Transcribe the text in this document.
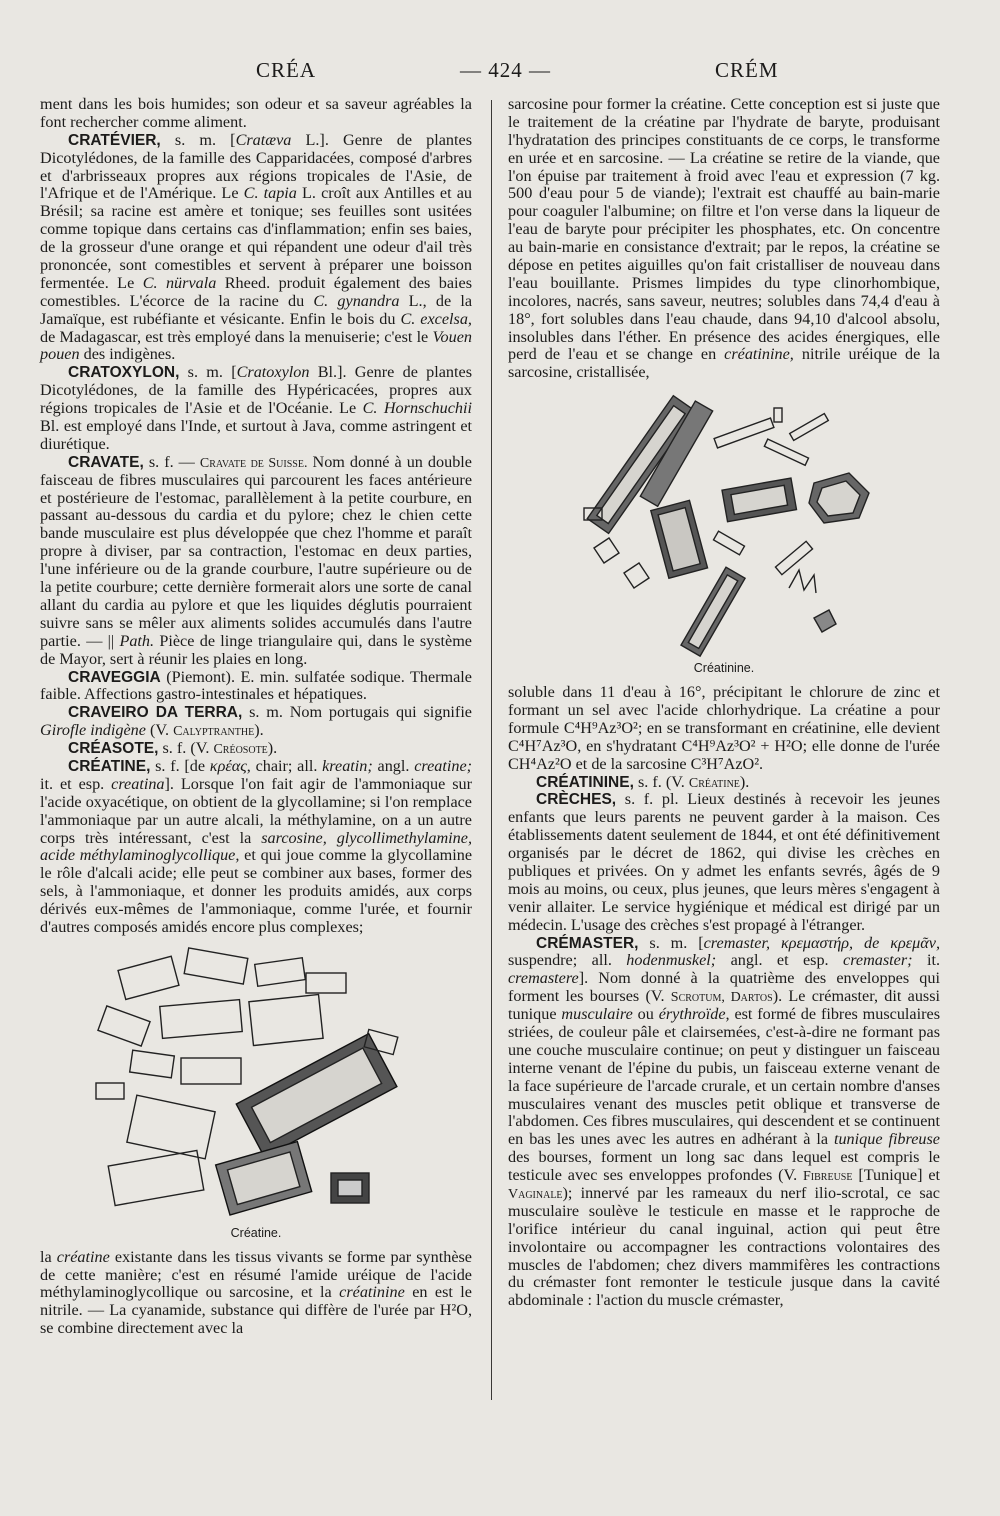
CRÉA	— 424 —	CRÉM

ment dans les bois humides; son odeur et sa saveur agréables la font rechercher comme aliment.

CRATÉVIER, s. m. [Cratæva L.]. Genre de plantes Dicotylédones, de la famille des Capparidacées, composé d'arbres et d'arbrisseaux propres aux régions tropicales de l'Asie, de l'Afrique et de l'Amérique. Le C. tapia L. croît aux Antilles et au Brésil; sa racine est amère et tonique; ses feuilles sont usitées comme topique dans certains cas d'inflammation; enfin ses baies, de la grosseur d'une orange et qui répandent une odeur d'ail très prononcée, sont comestibles et servent à préparer une boisson fermentée. Le C. nürvala Rheed. produit également des baies comestibles. L'écorce de la racine du C. gynandra L., de la Jamaïque, est rubéfiante et vésicante. Enfin le bois du C. excelsa, de Madagascar, est très employé dans la menuiserie; c'est le Vouen pouen des indigènes.

CRATOXYLON, s. m. [Cratoxylon Bl.]. Genre de plantes Dicotylédones, de la famille des Hypéricacées, propres aux régions tropicales de l'Asie et de l'Océanie. Le C. Hornschuchii Bl. est employé dans l'Inde, et surtout à Java, comme astringent et diurétique.

CRAVATE, s. f. — Cravate de Suisse. Nom donné à un double faisceau de fibres musculaires qui parcourent les faces antérieure et postérieure de l'estomac, parallèlement à la petite courbure, en passant au-dessous du cardia et du pylore; chez le chien cette bande musculaire est plus développée que chez l'homme et paraît propre à diviser, par sa contraction, l'estomac en deux parties, l'une inférieure ou de la grande courbure, l'autre supérieure ou de la petite courbure; cette dernière formerait alors une sorte de canal allant du cardia au pylore et que les liquides déglutis pourraient suivre sans se mêler aux aliments solides accumulés dans l'autre partie. — || Path. Pièce de linge triangulaire qui, dans le système de Mayor, sert à réunir les plaies en long.

CRAVEGGIA (Piemont). E. min. sulfatée sodique. Thermale faible. Affections gastro-intestinales et hépatiques.

CRAVEIRO DA TERRA, s. m. Nom portugais qui signifie Girofle indigène (V. Calyptranthe).

CRÉASOTE, s. f. (V. Créosote).

CRÉATINE, s. f. [de κρέας, chair; all. kreatin; angl. creatine; it. et esp. creatina]. Lorsque l'on fait agir de l'ammoniaque sur l'acide oxyacétique, on obtient de la glycollamine; si l'on remplace l'ammoniaque par un autre alcali, la méthylamine, on a un autre corps très intéressant, c'est la sarcosine, glycollimethylamine, acide méthylaminoglycollique, et qui joue comme la glycollamine le rôle d'alcali acide; elle peut se combiner aux bases, former des sels, à l'ammoniaque, et donner les produits amidés, aux corps dérivés eux-mêmes de l'ammoniaque, comme l'urée, et fournir d'autres composés amidés encore plus complexes;

Créatine.

la créatine existante dans les tissus vivants se forme par synthèse de cette manière; c'est en résumé l'amide uréique de l'acide méthylaminoglycollique ou sarcosine, et la créatinine en est le nitrile. — La cyanamide, substance qui diffère de l'urée par H²O, se combine directement avec la

sarcosine pour former la créatine. Cette conception est si juste que le traitement de la créatine par l'hydrate de baryte, produisant l'hydratation des principes constituants de ce corps, le transforme en urée et en sarcosine. — La créatine se retire de la viande, que l'on épuise par traitement à froid avec l'eau et expression (7 kg. 500 d'eau pour 5 de viande); l'extrait est chauffé au bain-marie pour coaguler l'albumine; on filtre et l'on verse dans la liqueur de l'eau de baryte pour précipiter les phosphates, etc. On concentre au bain-marie en consistance d'extrait; par le repos, la créatine se dépose en petites aiguilles qu'on fait cristalliser de nouveau dans l'eau bouillante. Prismes limpides du type clinorhombique, incolores, nacrés, sans saveur, neutres; solubles dans 74,4 d'eau à 18°, fort solubles dans l'eau chaude, dans 94,10 d'alcool absolu, insolubles dans l'éther. En présence des acides énergiques, elle perd de l'eau et se change en créatinine, nitrile uréique de la sarcosine, cristallisée,

Créatinine.

soluble dans 11 d'eau à 16°, précipitant le chlorure de zinc et formant un sel avec l'acide chlorhydrique. La créatine a pour formule C⁴H⁹Az³O²; en se transformant en créatinine, elle devient C⁴H⁷Az³O, en s'hydratant C⁴H⁹Az³O² + H²O; elle donne de l'urée CH⁴Az²O et de la sarcosine C³H⁷AzO².

CRÉATININE, s. f. (V. Créatine).

CRÈCHES, s. f. pl. Lieux destinés à recevoir les jeunes enfants que leurs parents ne peuvent garder à la maison. Ces établissements datent seulement de 1844, et ont été définitivement organisés par le décret de 1862, qui divise les crèches en publiques et privées. On y admet les enfants sevrés, âgés de 9 mois au moins, ou ceux, plus jeunes, que leurs mères s'engagent à venir allaiter. Le service hygiénique et médical est dirigé par un médecin. L'usage des crèches s'est propagé à l'étranger.

CRÉMASTER, s. m. [cremaster, κρεμαστήρ, de κρεμᾶν, suspendre; all. hodenmuskel; angl. et esp. cremaster; it. cremastere]. Nom donné à la quatrième des enveloppes qui forment les bourses (V. Scrotum, Dartos). Le crémaster, dit aussi tunique musculaire ou érythroïde, est formé de fibres musculaires striées, de couleur pâle et clairsemées, c'est-à-dire ne formant pas une couche musculaire continue; on peut y distinguer un faisceau interne venant de l'épine du pubis, un faisceau externe venant de la face supérieure de l'arcade crurale, et un certain nombre d'anses musculaires venant des muscles petit oblique et transverse de l'abdomen. Ces fibres musculaires, qui descendent et se continuent en bas les unes avec les autres en adhérant à la tunique fibreuse des bourses, forment un long sac dans lequel est compris le testicule avec ses enveloppes profondes (V. Fibreuse [Tunique] et Vaginale); innervé par les rameaux du nerf ilio-scrotal, ce sac musculaire soulève le testicule en masse et le rapproche de l'orifice intérieur du canal inguinal, action qui peut être involontaire ou accompagner les contractions volontaires des muscles de l'abdomen; chez divers mammifères les contractions du crémaster font remonter le testicule jusque dans la cavité abdominale : l'action du muscle crémaster,
